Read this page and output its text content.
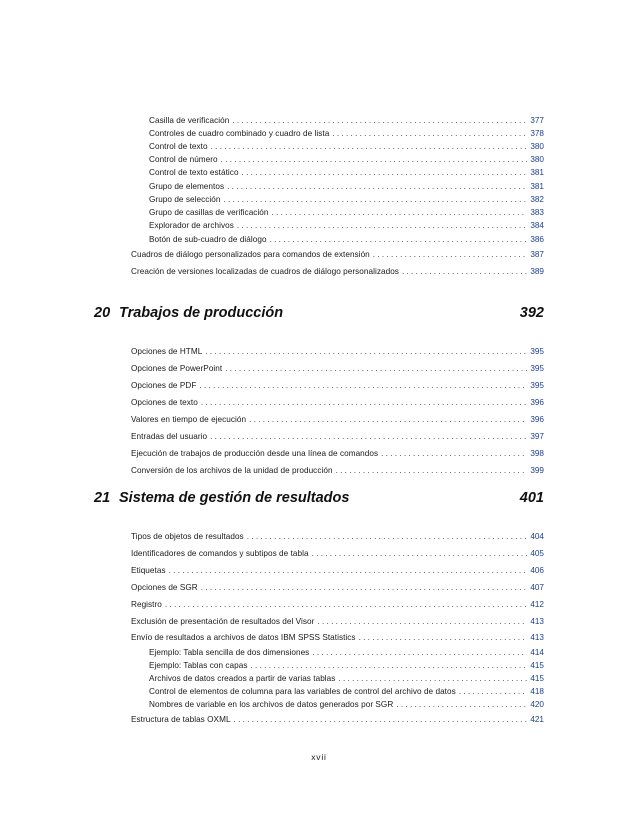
Casilla de verificación . . .	377
Controles de cuadro combinado y cuadro de lista . . .	378
Control de texto . . .	380
Control de número . . .	380
Control de texto estático . . .	381
Grupo de elementos . . .	381
Grupo de selección . . .	382
Grupo de casillas de verificación . . .	383
Explorador de archivos . . .	384
Botón de sub-cuadro de diálogo . . .	386
Cuadros de diálogo personalizados para comandos de extensión . . .	387
Creación de versiones localizadas de cuadros de diálogo personalizados . . .	389
20 Trabajos de producción	392
Opciones de HTML . . .	395
Opciones de PowerPoint . . .	395
Opciones de PDF . . .	395
Opciones de texto . . .	396
Valores en tiempo de ejecución . . .	396
Entradas del usuario . . .	397
Ejecución de trabajos de producción desde una línea de comandos . . .	398
Conversión de los archivos de la unidad de producción . . .	399
21 Sistema de gestión de resultados	401
Tipos de objetos de resultados . . .	404
Identificadores de comandos y subtipos de tabla . . .	405
Etiquetas . . .	406
Opciones de SGR . . .	407
Registro . . .	412
Exclusión de presentación de resultados del Visor . . .	413
Envío de resultados a archivos de datos IBM SPSS Statistics . . .	413
Ejemplo: Tabla sencilla de dos dimensiones . . .	414
Ejemplo: Tablas con capas . . .	415
Archivos de datos creados a partir de varias tablas . . .	415
Control de elementos de columna para las variables de control del archivo de datos . . .	418
Nombres de variable en los archivos de datos generados por SGR . . .	420
Estructura de tablas OXML . . .	421
xvii
